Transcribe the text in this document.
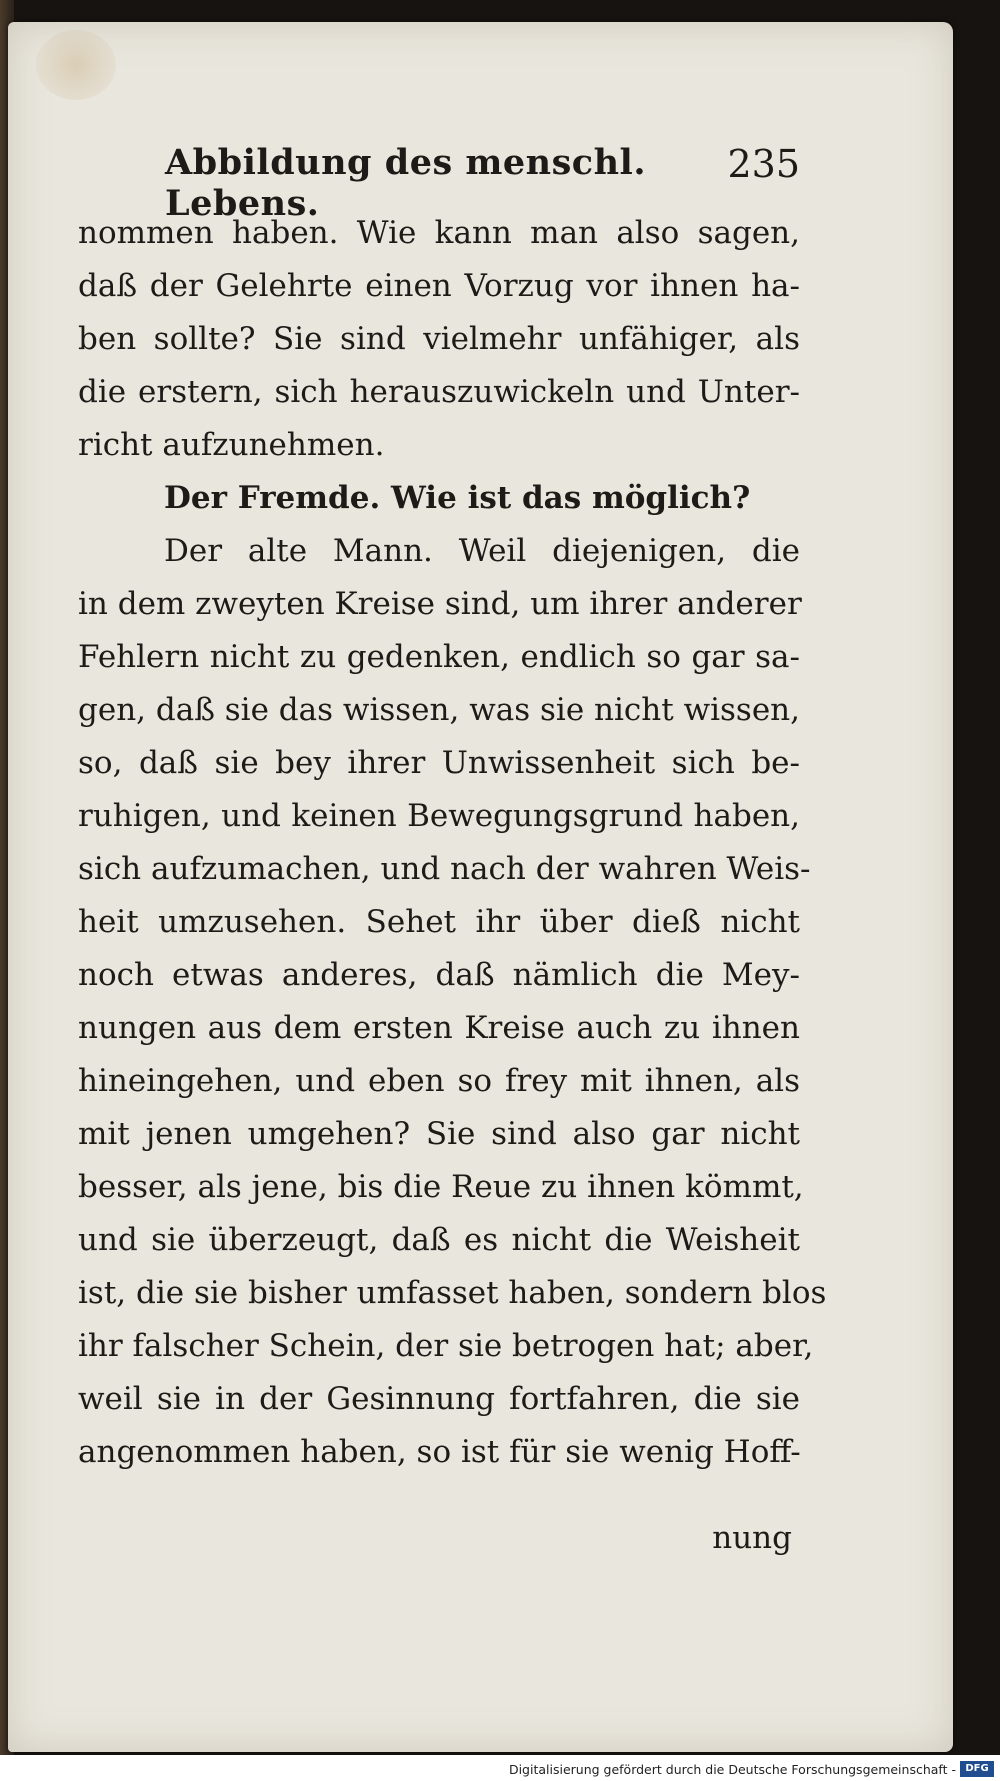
Abbildung des menschl. Lebens.
235
nommen haben. Wie kann man also sagen,
daß der Gelehrte einen Vorzug vor ihnen ha-
ben sollte? Sie sind vielmehr unfähiger, als
die erstern, sich herauszuwickeln und Unter-
richt aufzunehmen.
Der Fremde. Wie ist das möglich?
Der alte Mann. Weil diejenigen, die
in dem zweyten Kreise sind, um ihrer anderer
Fehlern nicht zu gedenken, endlich so gar sa-
gen, daß sie das wissen, was sie nicht wissen,
so, daß sie bey ihrer Unwissenheit sich be-
ruhigen, und keinen Bewegungsgrund haben,
sich aufzumachen, und nach der wahren Weis-
heit umzusehen. Sehet ihr über dieß nicht
noch etwas anderes, daß nämlich die Mey-
nungen aus dem ersten Kreise auch zu ihnen
hineingehen, und eben so frey mit ihnen, als
mit jenen umgehen? Sie sind also gar nicht
besser, als jene, bis die Reue zu ihnen kömmt,
und sie überzeugt, daß es nicht die Weisheit
ist, die sie bisher umfasset haben, sondern blos
ihr falscher Schein, der sie betrogen hat; aber,
weil sie in der Gesinnung fortfahren, die sie
angenommen haben, so ist für sie wenig Hoff-
nung
Digitalisierung gefördert durch die Deutsche Forschungsgemeinschaft - DFG
